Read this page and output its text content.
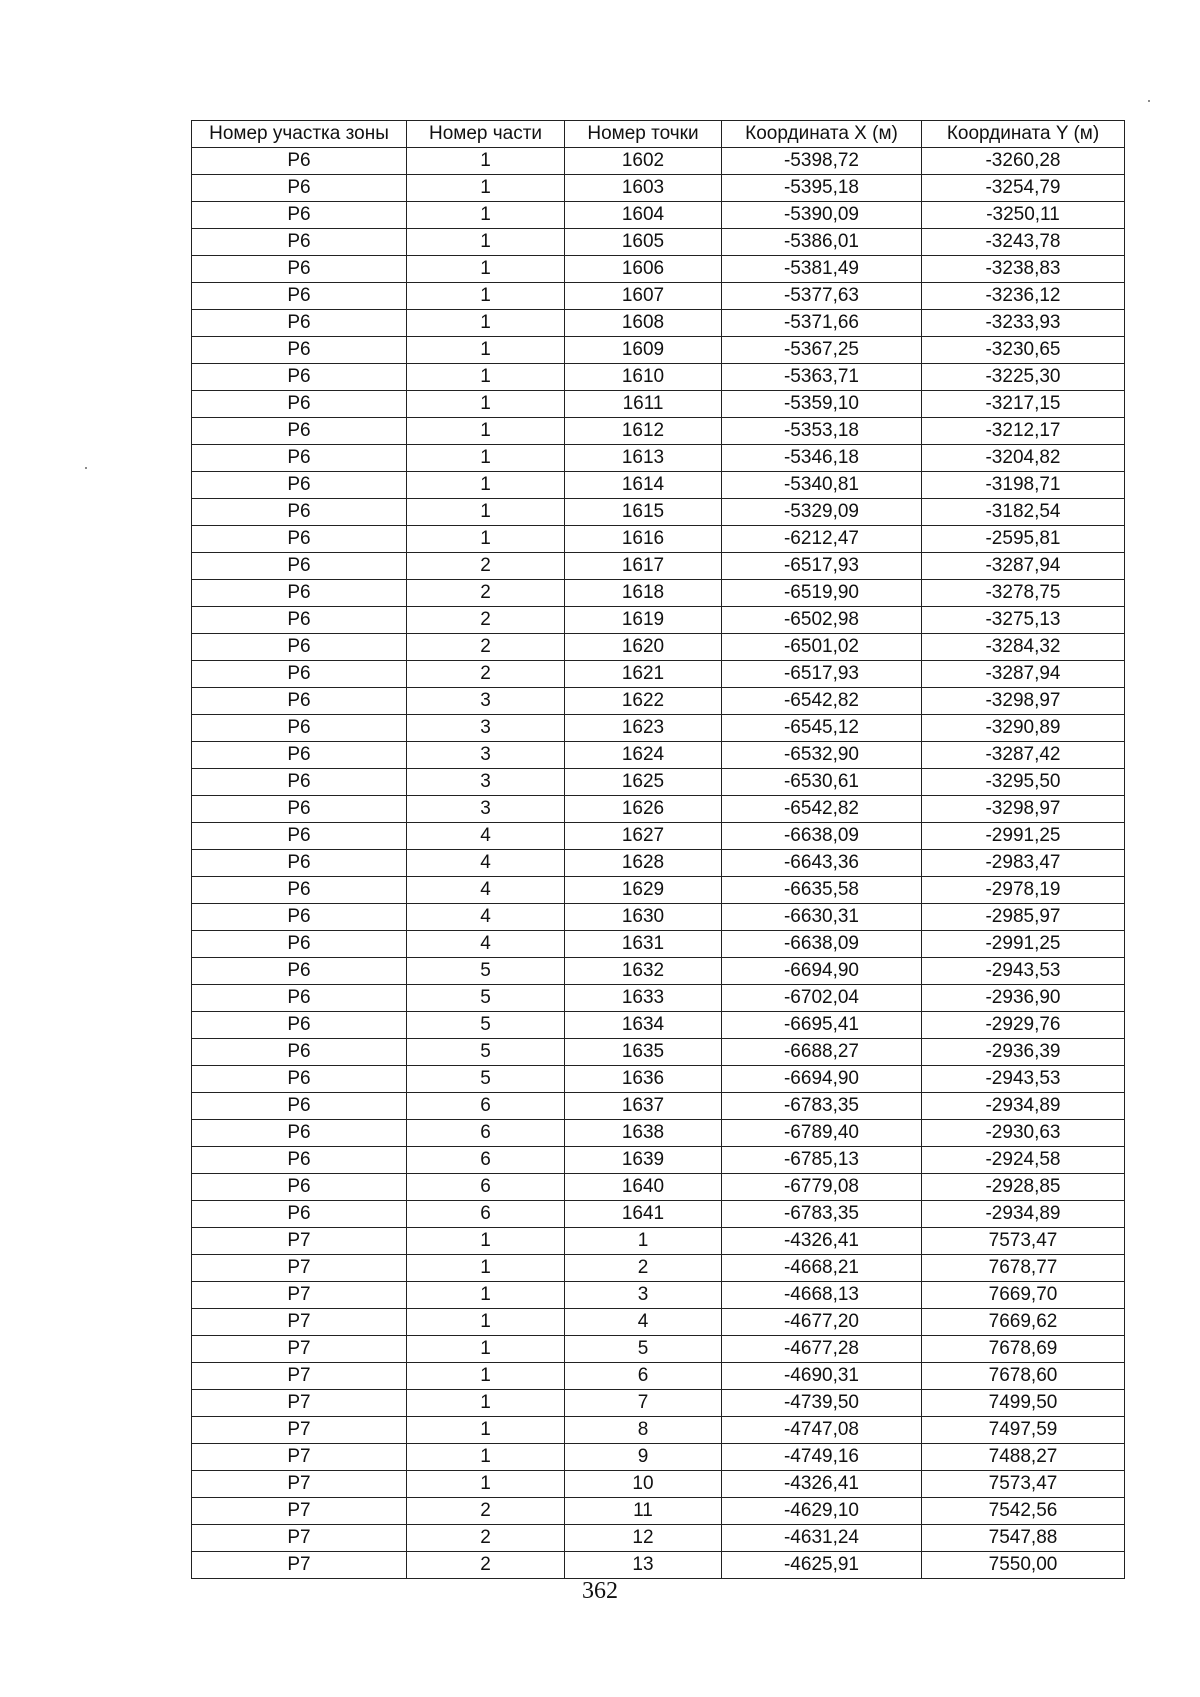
Номер участка зоны	Номер части	Номер точки	Координата X (м)	Координата Y (м)
Р6	1	1602	-5398,72	-3260,28
Р6	1	1603	-5395,18	-3254,79
Р6	1	1604	-5390,09	-3250,11
Р6	1	1605	-5386,01	-3243,78
Р6	1	1606	-5381,49	-3238,83
Р6	1	1607	-5377,63	-3236,12
Р6	1	1608	-5371,66	-3233,93
Р6	1	1609	-5367,25	-3230,65
Р6	1	1610	-5363,71	-3225,30
Р6	1	1611	-5359,10	-3217,15
Р6	1	1612	-5353,18	-3212,17
Р6	1	1613	-5346,18	-3204,82
Р6	1	1614	-5340,81	-3198,71
Р6	1	1615	-5329,09	-3182,54
Р6	1	1616	-6212,47	-2595,81
Р6	2	1617	-6517,93	-3287,94
Р6	2	1618	-6519,90	-3278,75
Р6	2	1619	-6502,98	-3275,13
Р6	2	1620	-6501,02	-3284,32
Р6	2	1621	-6517,93	-3287,94
Р6	3	1622	-6542,82	-3298,97
Р6	3	1623	-6545,12	-3290,89
Р6	3	1624	-6532,90	-3287,42
Р6	3	1625	-6530,61	-3295,50
Р6	3	1626	-6542,82	-3298,97
Р6	4	1627	-6638,09	-2991,25
Р6	4	1628	-6643,36	-2983,47
Р6	4	1629	-6635,58	-2978,19
Р6	4	1630	-6630,31	-2985,97
Р6	4	1631	-6638,09	-2991,25
Р6	5	1632	-6694,90	-2943,53
Р6	5	1633	-6702,04	-2936,90
Р6	5	1634	-6695,41	-2929,76
Р6	5	1635	-6688,27	-2936,39
Р6	5	1636	-6694,90	-2943,53
Р6	6	1637	-6783,35	-2934,89
Р6	6	1638	-6789,40	-2930,63
Р6	6	1639	-6785,13	-2924,58
Р6	6	1640	-6779,08	-2928,85
Р6	6	1641	-6783,35	-2934,89
Р7	1	1	-4326,41	7573,47
Р7	1	2	-4668,21	7678,77
Р7	1	3	-4668,13	7669,70
Р7	1	4	-4677,20	7669,62
Р7	1	5	-4677,28	7678,69
Р7	1	6	-4690,31	7678,60
Р7	1	7	-4739,50	7499,50
Р7	1	8	-4747,08	7497,59
Р7	1	9	-4749,16	7488,27
Р7	1	10	-4326,41	7573,47
Р7	2	11	-4629,10	7542,56
Р7	2	12	-4631,24	7547,88
Р7	2	13	-4625,91	7550,00
362
